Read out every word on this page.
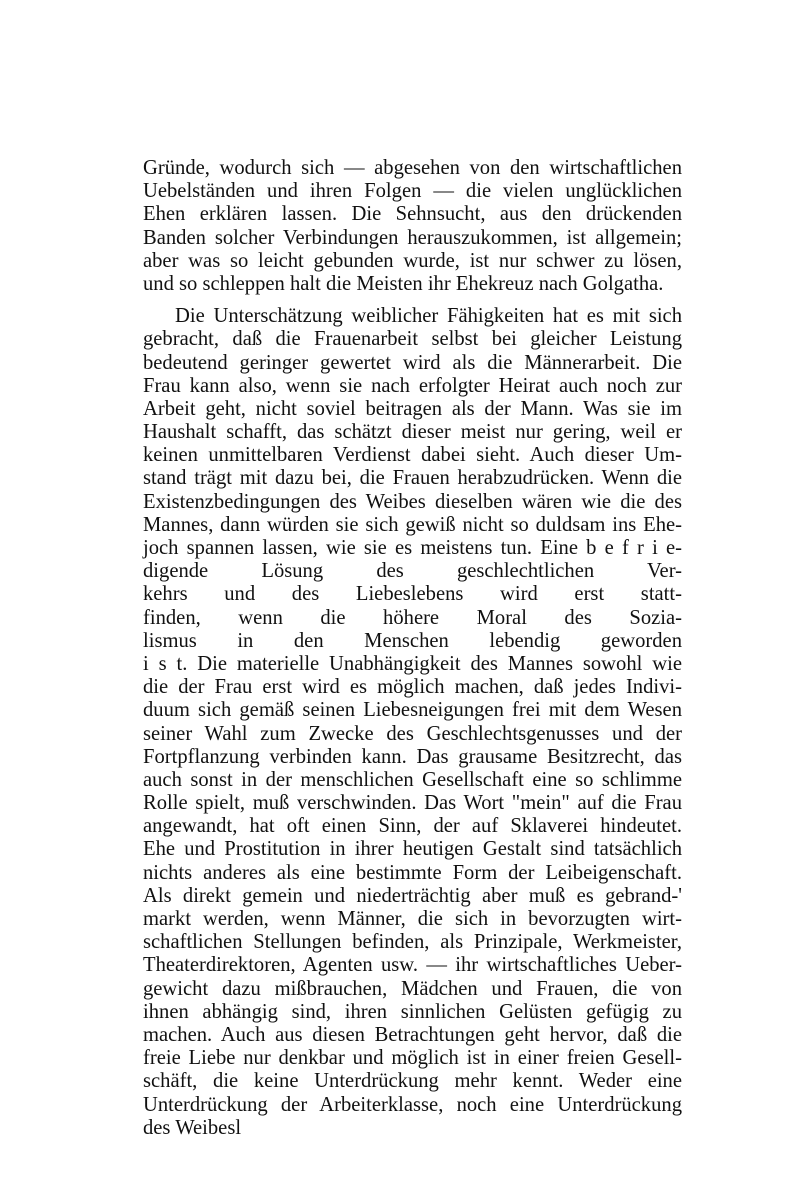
Gründe, wodurch sich — abgesehen von den wirtschaftlichen
Uebelständen und ihren Folgen — die vielen unglücklichen
Ehen erklären lassen. Die Sehnsucht, aus den drückenden
Banden solcher Verbindungen herauszukommen, ist allgemein;
aber was so leicht gebunden wurde, ist nur schwer zu lösen,
und so schleppen halt die Meisten ihr Ehekreuz nach Golgatha.
Die Unterschätzung weiblicher Fähigkeiten hat es mit sich
gebracht, daß die Frauenarbeit selbst bei gleicher Leistung
bedeutend geringer gewertet wird als die Männerarbeit. Die
Frau kann also, wenn sie nach erfolgter Heirat auch noch zur
Arbeit geht, nicht soviel beitragen als der Mann. Was sie im
Haushalt schafft, das schätzt dieser meist nur gering, weil er
keinen unmittelbaren Verdienst dabei sieht. Auch dieser Um-
stand trägt mit dazu bei, die Frauen herabzudrücken. Wenn die
Existenzbedingungen des Weibes dieselben wären wie die des
Mannes, dann würden sie sich gewiß nicht so duldsam ins Ehe-
joch spannen lassen, wie sie es meistens tun. Eine b e f r i e-
digende Lösung des geschlechtlichen Ver-
kehrs und des Liebeslebens wird erst statt-
finden, wenn die höhere Moral des Sozia-
lismus in den Menschen lebendig geworden
i s t. Die materielle Unabhängigkeit des Mannes sowohl wie
die der Frau erst wird es möglich machen, daß jedes Indivi-
duum sich gemäß seinen Liebesneigungen frei mit dem Wesen
seiner Wahl zum Zwecke des Geschlechtsgenusses und der
Fortpflanzung verbinden kann. Das grausame Besitzrecht, das
auch sonst in der menschlichen Gesellschaft eine so schlimme
Rolle spielt, muß verschwinden. Das Wort "mein" auf die Frau
angewandt, hat oft einen Sinn, der auf Sklaverei hindeutet.
Ehe und Prostitution in ihrer heutigen Gestalt sind tatsächlich
nichts anderes als eine bestimmte Form der Leibeigenschaft.
Als direkt gemein und niederträchtig aber muß es gebrand-'
markt werden, wenn Männer, die sich in bevorzugten wirt-
schaftlichen Stellungen befinden, als Prinzipale, Werkmeister,
Theaterdirektoren, Agenten usw. — ihr wirtschaftliches Ueber-
gewicht dazu mißbrauchen, Mädchen und Frauen, die von
ihnen abhängig sind, ihren sinnlichen Gelüsten gefügig zu
machen. Auch aus diesen Betrachtungen geht hervor, daß die
freie Liebe nur denkbar und möglich ist in einer freien Gesell-
schäft, die keine Unterdrückung mehr kennt. Weder eine
Unterdrückung der Arbeiterklasse, noch eine Unterdrückung
des Weibesl
